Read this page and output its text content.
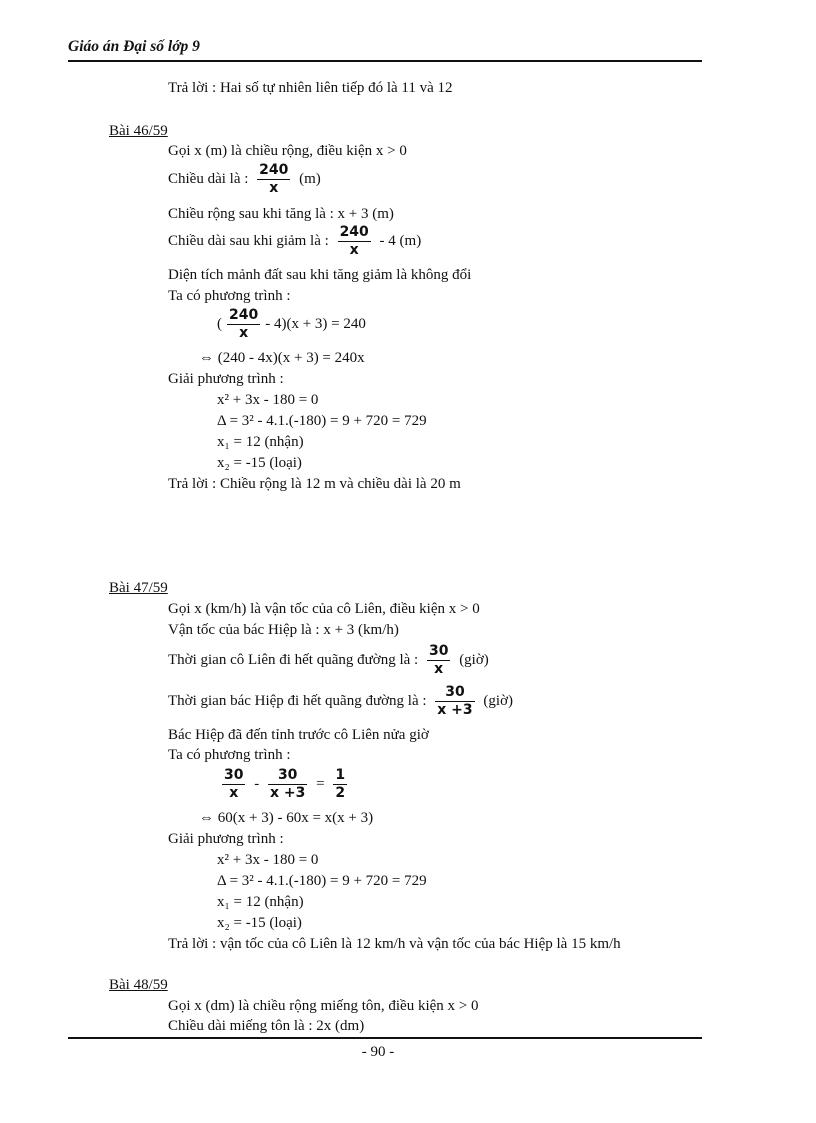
Giáo án Đại số lớp 9
Trả lời : Hai số tự nhiên liên tiếp đó là 11 và 12
Bài 46/59
Gọi x (m) là chiều rộng, điều kiện x > 0
Chiều dài là : $\frac{240}{x} (m)$
Chiều rộng sau khi tăng là : x + 3 (m)
Chiều dài sau khi giảm là : $\frac{240}{x} - 4$ (m)
Diện tích mảnh đất sau khi tăng giảm là không đổi
Ta có phương trình :
( $\frac{240}{x} - 4)(x + 3) = 240$
⇔ (240 - 4x)(x + 3) = 240x
Giải phương trình :
x² + 3x - 180 = 0
Δ = 3² - 4.1.(-180) = 9 + 720 = 729
x₁ = 12 (nhận)
x₂ = -15 (loại)
Trả lời : Chiều rộng là 12 m và chiều dài là 20 m
Bài 47/59
Gọi x (km/h) là vận tốc của cô Liên, điều kiện x > 0
Vận tốc của bác Hiệp là : x + 3 (km/h)
Thời gian cô Liên đi hết quãng đường là : $\frac{30}{x}$ (giờ)
Thời gian bác Hiệp đi hết quãng đường là : $\frac{30}{x +3}$ (giờ)
Bác Hiệp đã đến tỉnh trước cô Liên nửa giờ
Ta có phương trình :
$\frac{30}{x} - \frac{30}{x +3} = \frac{1}{2}$
⇔ 60(x + 3) - 60x = x(x + 3)
Giải phương trình :
x² + 3x - 180 = 0
Δ = 3² - 4.1.(-180) = 9 + 720 = 729
x₁ = 12 (nhận)
x₂ = -15 (loại)
Trả lời : vận tốc của cô Liên là 12 km/h và vận tốc của bác Hiệp là 15 km/h
Bài 48/59
Gọi x (dm) là chiều rộng miếng tôn, điều kiện x > 0
Chiều dài miếng tôn là : 2x (dm)
- 90 -
